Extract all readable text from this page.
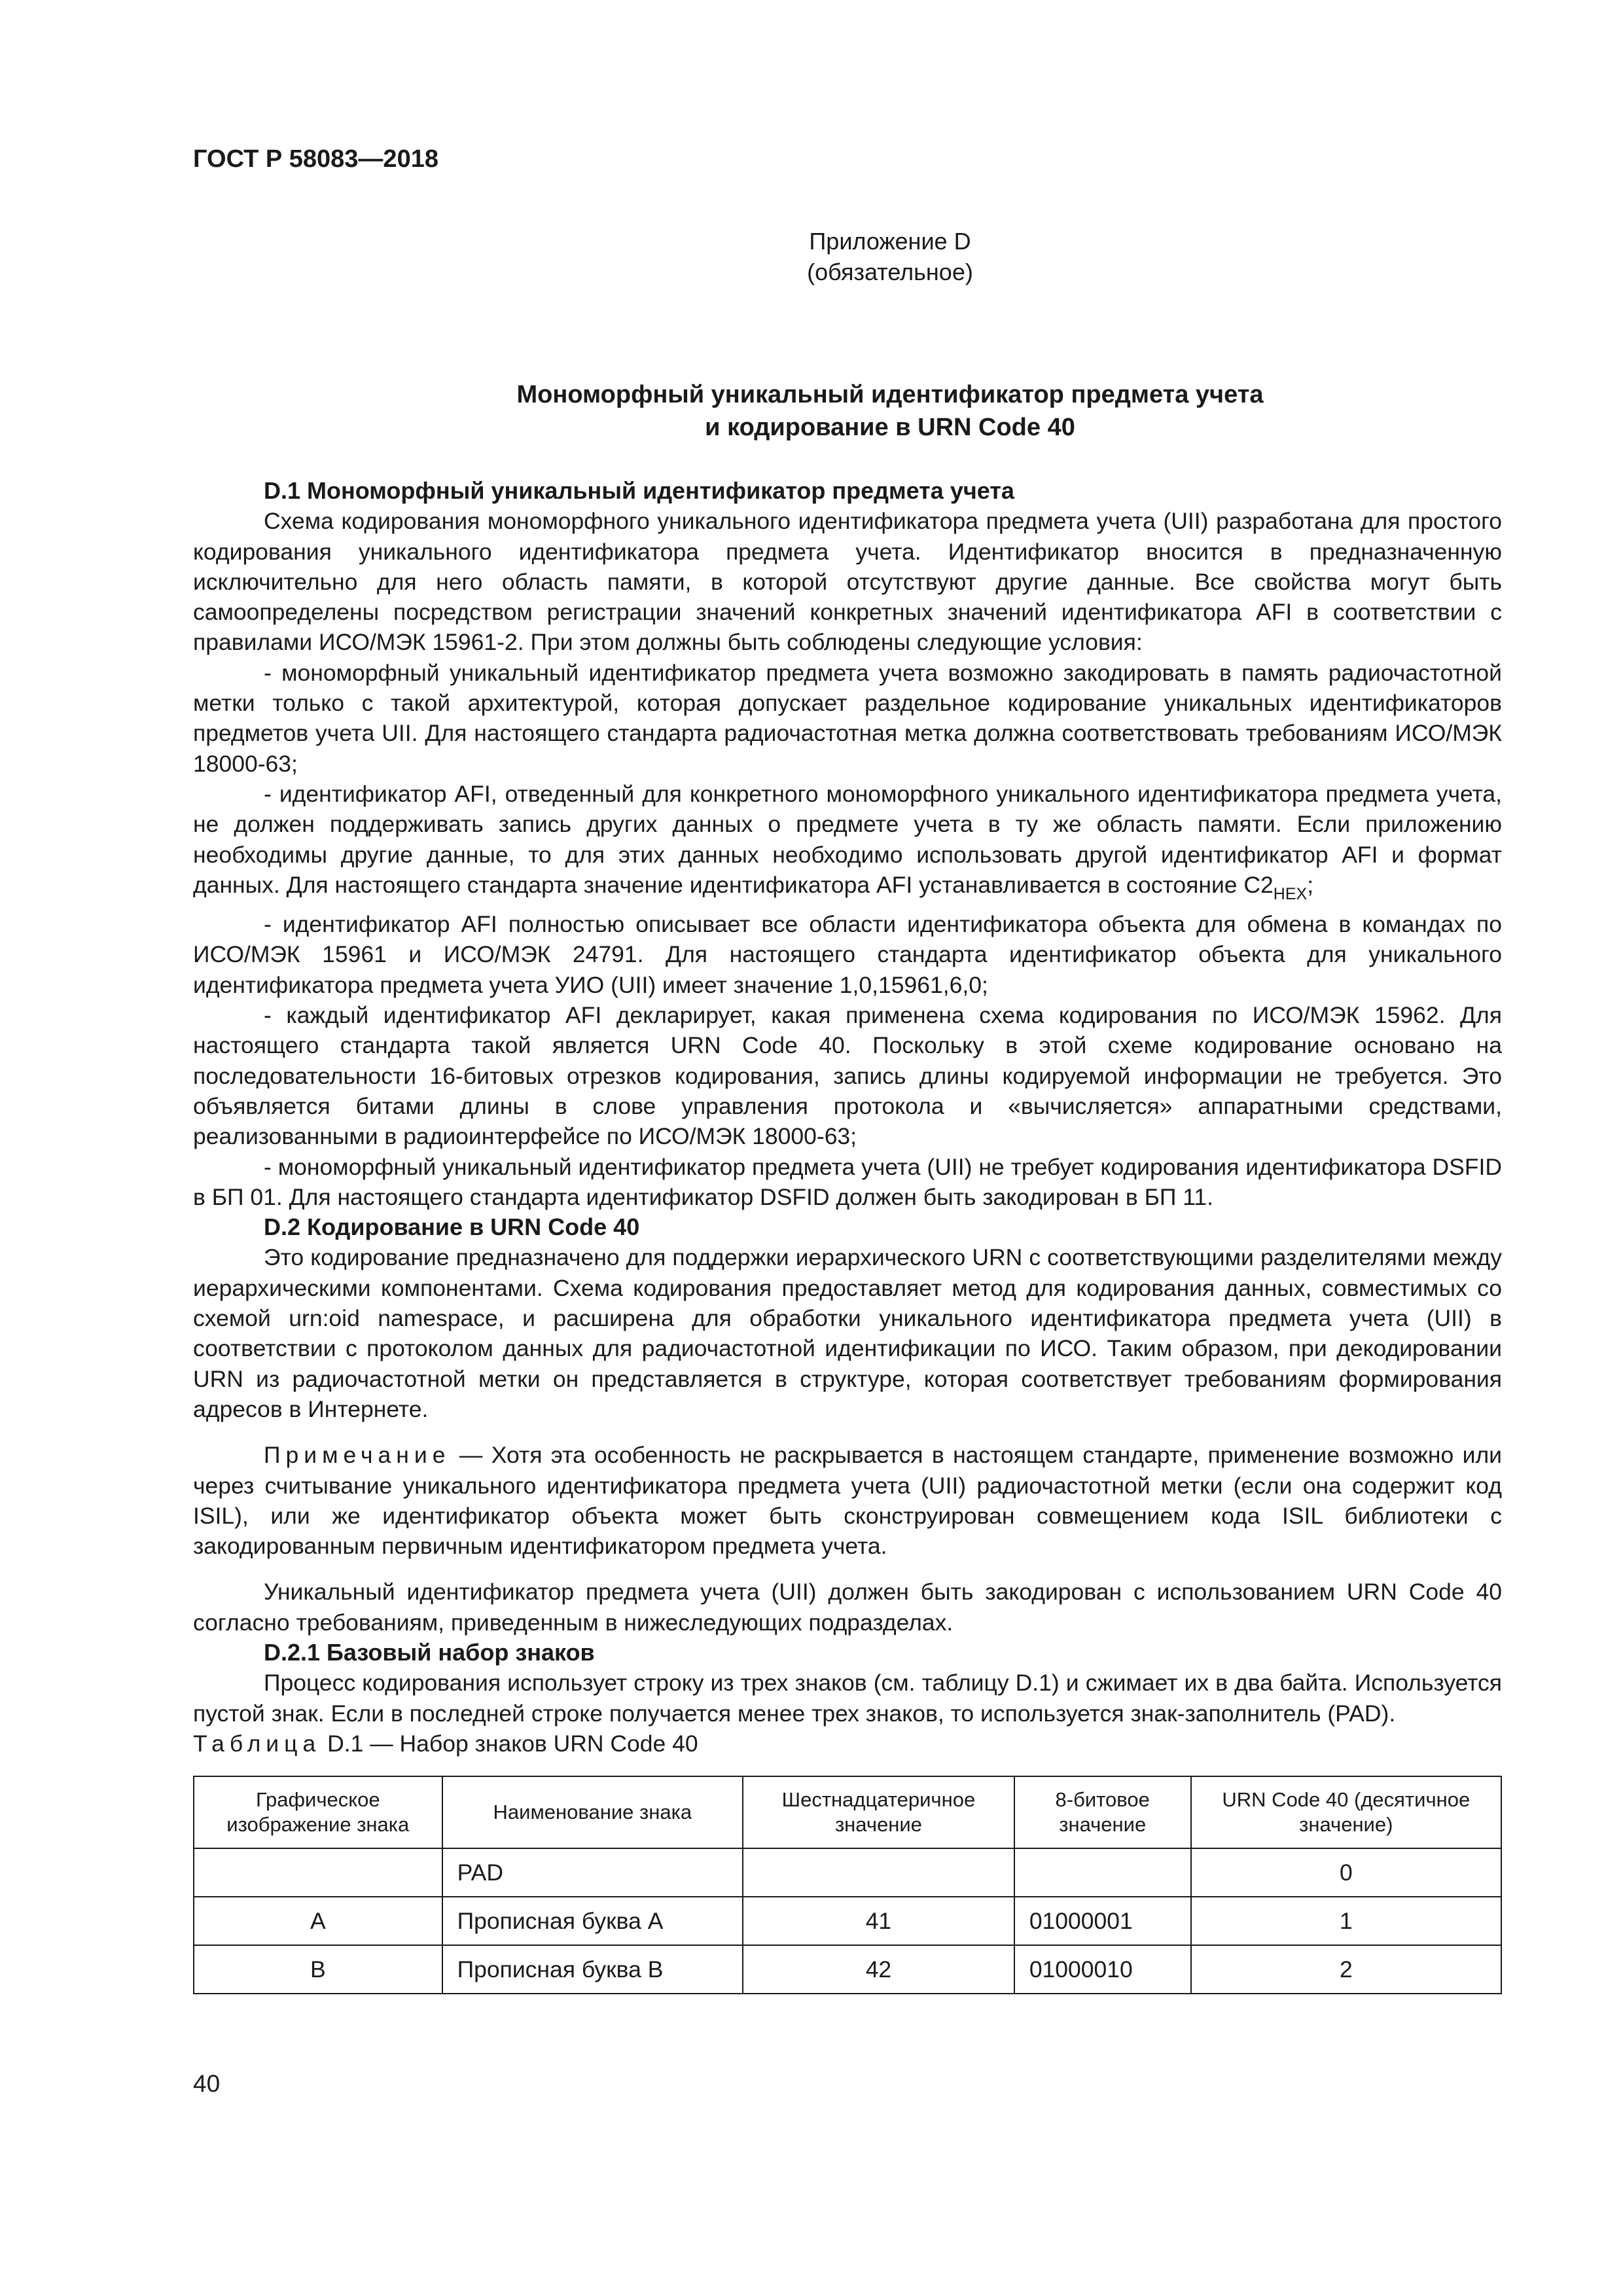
ГОСТ Р 58083—2018
Приложение D
(обязательное)
Мономорфный уникальный идентификатор предмета учета
и кодирование в URN Code 40
D.1 Мономорфный уникальный идентификатор предмета учета

Схема кодирования мономорфного уникального идентификатора предмета учета (UII) разработана для простого кодирования уникального идентификатора предмета учета. Идентификатор вносится в предназначенную исключительно для него область памяти, в которой отсутствуют другие данные. Все свойства могут быть самоопределены посредством регистрации значений конкретных значений идентификатора AFI в соответствии с правилами ИСО/МЭК 15961-2. При этом должны быть соблюдены следующие условия:

- мономорфный уникальный идентификатор предмета учета возможно закодировать в память радиочастотной метки только с такой архитектурой, которая допускает раздельное кодирование уникальных идентификаторов предметов учета UII. Для настоящего стандарта радиочастотная метка должна соответствовать требованиям ИСО/МЭК 18000-63;

- идентификатор AFI, отведенный для конкретного мономорфного уникального идентификатора предмета учета, не должен поддерживать запись других данных о предмете учета в ту же область памяти. Если приложению необходимы другие данные, то для этих данных необходимо использовать другой идентификатор AFI и формат данных. Для настоящего стандарта значение идентификатора AFI устанавливается в состояние $C2_{HEX}$;

- идентификатор AFI полностью описывает все области идентификатора объекта для обмена в командах по ИСО/МЭК 15961 и ИСО/МЭК 24791. Для настоящего стандарта идентификатор объекта для уникального идентификатора предмета учета УИО (UII) имеет значение 1,0,15961,6,0;

- каждый идентификатор AFI декларирует, какая применена схема кодирования по ИСО/МЭК 15962. Для настоящего стандарта такой является URN Code 40. Поскольку в этой схеме кодирование основано на последовательности 16-битовых отрезков кодирования, запись длины кодируемой информации не требуется. Это объявляется битами длины в слове управления протокола и «вычисляется» аппаратными средствами, реализованными в радиоинтерфейсе по ИСО/МЭК 18000-63;

- мономорфный уникальный идентификатор предмета учета (UII) не требует кодирования идентификатора DSFID в БП 01. Для настоящего стандарта идентификатор DSFID должен быть закодирован в БП 11.

D.2 Кодирование в URN Code 40

Это кодирование предназначено для поддержки иерархического URN с соответствующими разделителями между иерархическими компонентами. Схема кодирования предоставляет метод для кодирования данных, совместимых со схемой urn:oid namespace, и расширена для обработки уникального идентификатора предмета учета (UII) в соответствии с протоколом данных для радиочастотной идентификации по ИСО. Таким образом, при декодировании URN из радиочастотной метки он представляется в структуре, которая соответствует требованиям формирования адресов в Интернете.

Примечание — Хотя эта особенность не раскрывается в настоящем стандарте, применение возможно или через считывание уникального идентификатора предмета учета (UII) радиочастотной метки (если она содержит код ISIL), или же идентификатор объекта может быть сконструирован совмещением кода ISIL библиотеки с закодированным первичным идентификатором предмета учета.

Уникальный идентификатор предмета учета (UII) должен быть закодирован с использованием URN Code 40 согласно требованиям, приведенным в нижеследующих подразделах.

D.2.1 Базовый набор знаков

Процесс кодирования использует строку из трех знаков (см. таблицу D.1) и сжимает их в два байта. Используется пустой знак. Если в последней строке получается менее трех знаков, то используется знак-заполнитель (PAD).

Таблица D.1 — Набор знаков URN Code 40

Графическое изображение знака	Наименование знака	Шестнадцатеричное значение	8-битовое значение	URN Code 40 (десятичное значение)
	PAD			0
A	Прописная буква A	41	01000001	1
B	Прописная буква B	42	01000010	2
40
